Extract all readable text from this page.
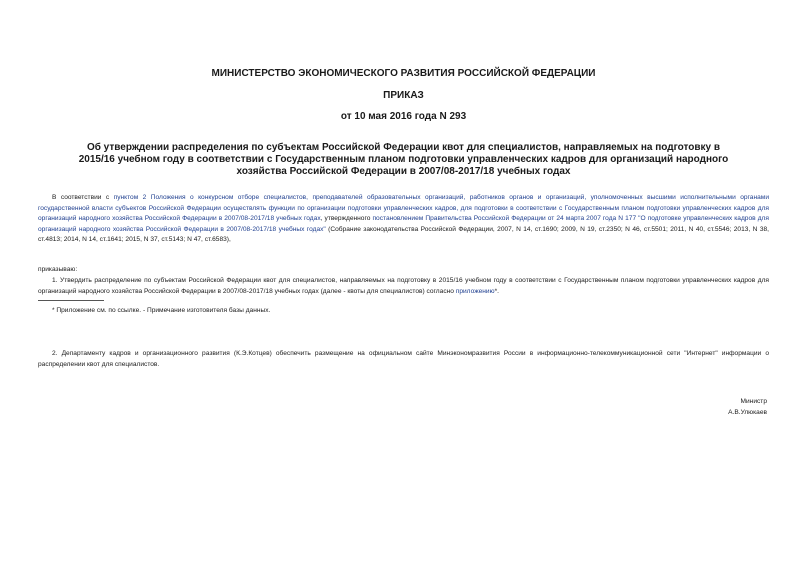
МИНИСТЕРСТВО ЭКОНОМИЧЕСКОГО РАЗВИТИЯ РОССИЙСКОЙ ФЕДЕРАЦИИ

ПРИКАЗ

от 10 мая 2016 года N 293

Об утверждении распределения по субъектам Российской Федерации квот для специалистов, направляемых на подготовку в 2015/16 учебном году в соответствии с Государственным планом подготовки управленческих кадров для организаций народного хозяйства Российской Федерации в 2007/08-2017/18 учебных годах

В соответствии с пунктом 2 Положения о конкурсном отборе специалистов, преподавателей образовательных организаций, работников органов и организаций, уполномоченных высшими исполнительными органами государственной власти субъектов Российской Федерации осуществлять функции по организации подготовки управленческих кадров, для подготовки в соответствии с Государственным планом подготовки управленческих кадров для организаций народного хозяйства Российской Федерации в 2007/08-2017/18 учебных годах, утвержденного постановлением Правительства Российской Федерации от 24 марта 2007 года N 177 "О подготовке управленческих кадров для организаций народного хозяйства Российской Федерации в 2007/08-2017/18 учебных годах" (Собрание законодательства Российской Федерации, 2007, N 14, ст.1690; 2009, N 19, ст.2350; N 46, ст.5501; 2011, N 40, ст.5546; 2013, N 38, ст.4813; 2014, N 14, ст.1641; 2015, N 37, ст.5143; N 47, ст.6583),

приказываю:

1. Утвердить распределение по субъектам Российской Федерации квот для специалистов, направляемых на подготовку в 2015/16 учебном году в соответствии с Государственным планом подготовки управленческих кадров для организаций народного хозяйства Российской Федерации в 2007/08-2017/18 учебных годах (далее - квоты для специалистов) согласно приложению*.

* Приложение см. по ссылке. - Примечание изготовителя базы данных.

2. Департаменту кадров и организационного развития (К.Э.Котцев) обеспечить размещение на официальном сайте Минэкономразвития России в информационно-телекоммуникационной сети "Интернет" информации о распределении квот для специалистов.

Министр

А.В.Улюкаев
